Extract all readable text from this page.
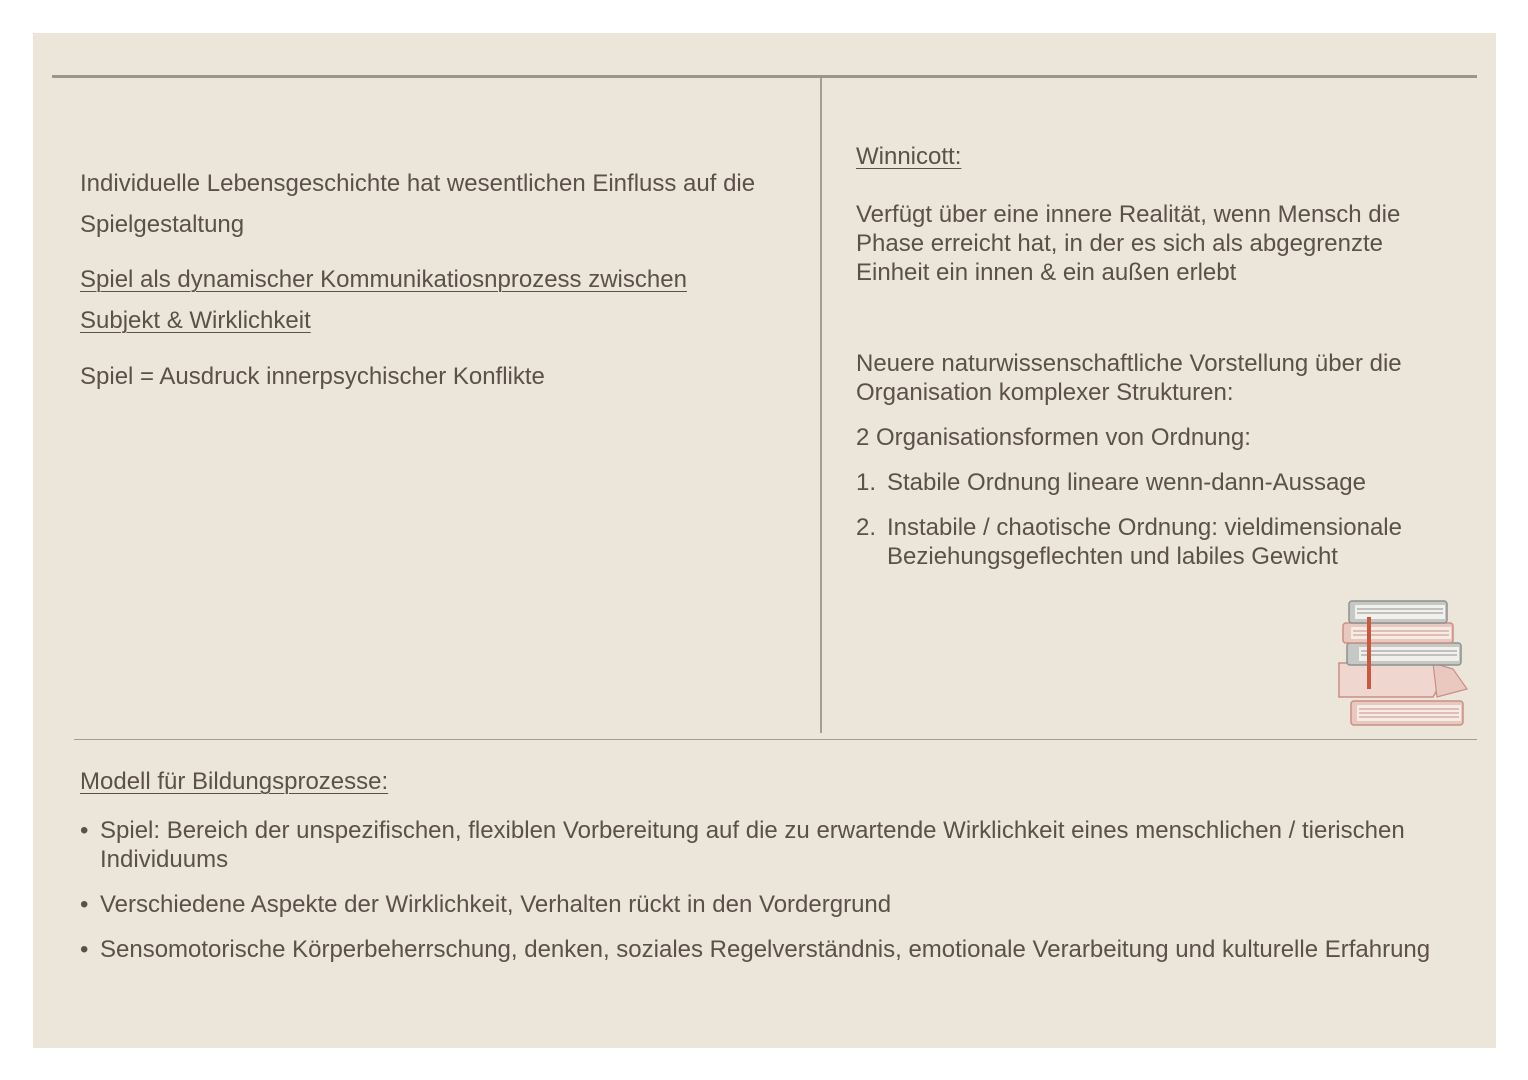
Individuelle Lebensgeschichte hat wesentlichen Einfluss auf die

Spielgestaltung

Spiel als dynamischer Kommunikatiosnprozess zwischen

Subjekt & Wirklichkeit

Spiel = Ausdruck innerpsychischer Konflikte

Winnicott:

Verfügt über eine innere Realität, wenn Mensch die Phase erreicht hat, in der es sich als abgegrenzte Einheit ein innen & ein außen erlebt

Neuere naturwissenschaftliche Vorstellung über die Organisation komplexer Strukturen:

2 Organisationsformen von Ordnung:

1. Stabile Ordnung lineare wenn-dann-Aussage
2. Instabile / chaotische Ordnung: vieldimensionale Beziehungsgeflechten und labiles Gewicht

Modell für Bildungsprozesse:

• Spiel: Bereich der unspezifischen, flexiblen Vorbereitung auf die zu erwartende Wirklichkeit eines menschlichen / tierischen Individuums
• Verschiedene Aspekte der Wirklichkeit, Verhalten rückt in den Vordergrund
• Sensomotorische Körperbeherrschung, denken, soziales Regelverständnis, emotionale Verarbeitung und kulturelle Erfahrung
